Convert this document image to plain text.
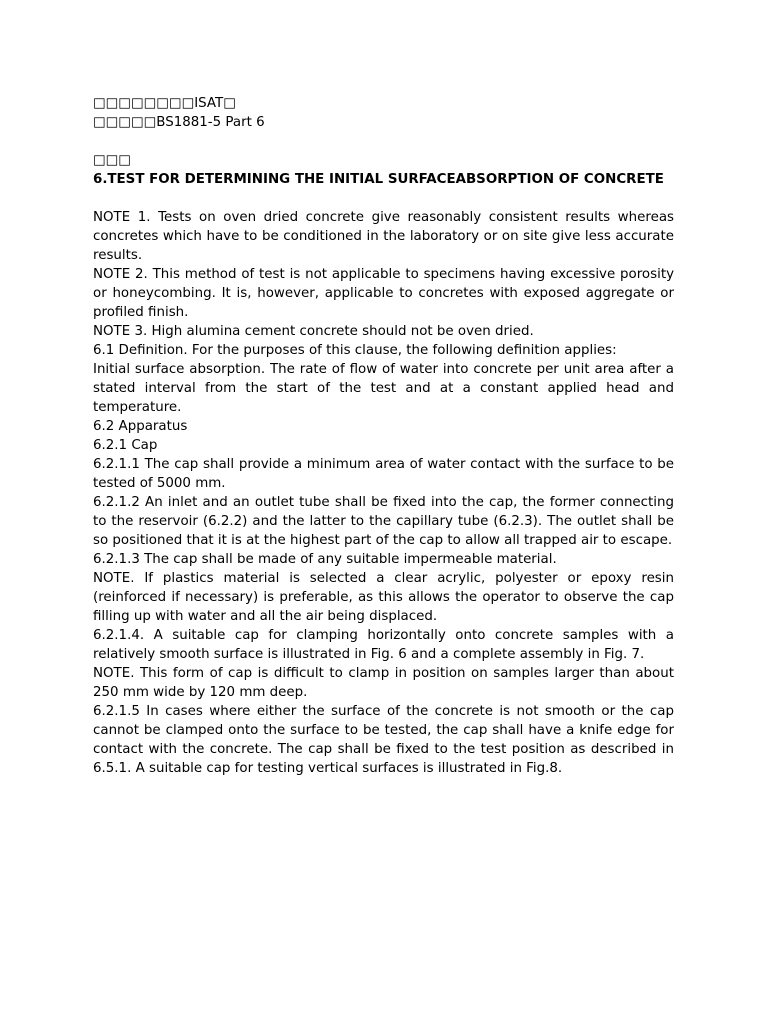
□□□□□□□□ISAT□

□□□□□BS1881-5 Part 6

□□□

6.TEST FOR DETERMINING THE INITIAL SURFACEABSORPTION OF CONCRETE

NOTE 1. Tests on oven dried concrete give reasonably consistent results whereas concretes which have to be conditioned in the laboratory or on site give less accurate results.

NOTE 2. This method of test is not applicable to specimens having excessive porosity or honeycombing. It is, however, applicable to concretes with exposed aggregate or profiled finish.

NOTE 3. High alumina cement concrete should not be oven dried.

6.1 Definition. For the purposes of this clause, the following definition applies:

Initial surface absorption. The rate of flow of water into concrete per unit area after a stated interval from the start of the test and at a constant applied head and temperature.

6.2 Apparatus

6.2.1 Cap

6.2.1.1 The cap shall provide a minimum area of water contact with the surface to be tested of 5000 mm.

6.2.1.2 An inlet and an outlet tube shall be fixed into the cap, the former connecting to the reservoir (6.2.2) and the latter to the capillary tube (6.2.3). The outlet shall be so positioned that it is at the highest part of the cap to allow all trapped air to escape.

6.2.1.3 The cap shall be made of any suitable impermeable material.

NOTE. If plastics material is selected a clear acrylic, polyester or epoxy resin (reinforced if necessary) is preferable, as this allows the operator to observe the cap filling up with water and all the air being displaced.

6.2.1.4. A suitable cap for clamping horizontally onto concrete samples with a relatively smooth surface is illustrated in Fig. 6 and a complete assembly in Fig. 7.

NOTE. This form of cap is difficult to clamp in position on samples larger than about 250 mm wide by 120 mm deep.

6.2.1.5 In cases where either the surface of the concrete is not smooth or the cap cannot be clamped onto the surface to be tested, the cap shall have a knife edge for contact with the concrete. The cap shall be fixed to the test position as described in 6.5.1. A suitable cap for testing vertical surfaces is illustrated in Fig.8.
